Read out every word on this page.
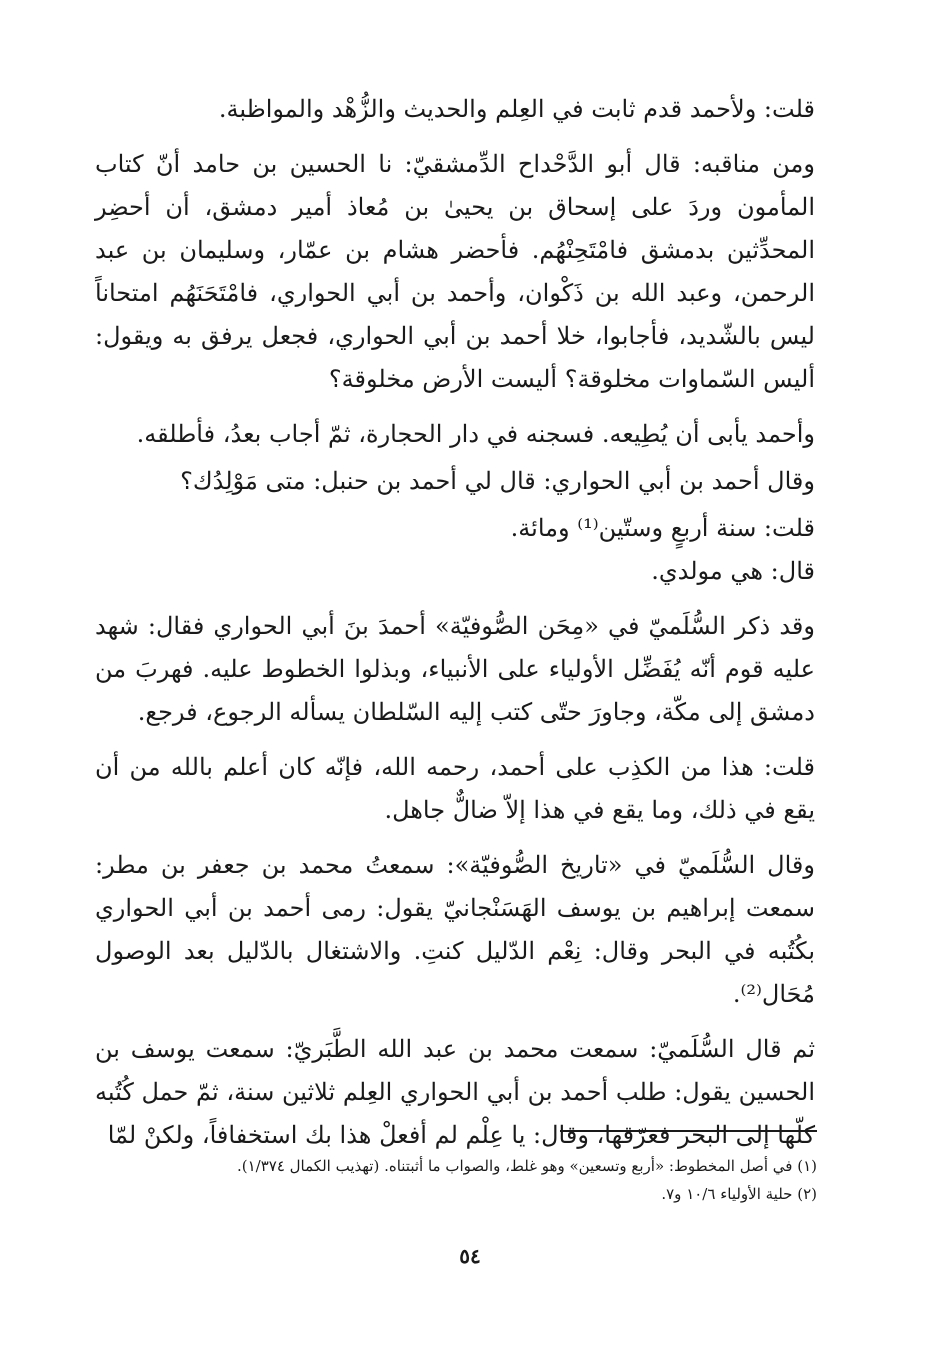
قلت: ولأحمد قدم ثابت في العِلم والحديث والزُّهْد والمواظبة.

ومن مناقبه: قال أبو الدَّحْداح الدِّمشقيّ: نا الحسين بن حامد أنّ كتاب المأمون وردَ على إسحاق بن يحيىٰ بن مُعاذ أمير دمشق، أن أحضِر المحدِّثين بدمشق فامْتَحِنْهُم. فأحضر هشام بن عمّار، وسليمان بن عبد الرحمن، وعبد الله بن ذَكْوان، وأحمد بن أبي الحواري، فامْتَحَنَهُم امتحاناً ليس بالشّديد، فأجابوا، خلا أحمد بن أبي الحواري، فجعل يرفق به ويقول: أليس السّماوات مخلوقة؟ أليست الأرض مخلوقة؟

وأحمد يأبى أن يُطِيعه. فسجنه في دار الحجارة، ثمّ أجاب بعدُ، فأطلقه.

وقال أحمد بن أبي الحواري: قال لي أحمد بن حنبل: متى مَوْلِدُك؟

قلت: سنة أربعٍ وستّين⁽¹⁾ ومائة.

قال: هي مولدي.

وقد ذكر السُّلَميّ في «مِحَن الصُّوفيّة» أحمدَ بنَ أبي الحواري فقال: شهد عليه قوم أنّه يُفَضِّل الأولياء على الأنبياء، وبذلوا الخطوط عليه. فهربَ من دمشق إلى مكّة، وجاورَ حتّى كتب إليه السّلطان يسأله الرجوع، فرجع.

قلت: هذا من الكذِب على أحمد، رحمه الله، فإنّه كان أعلم بالله من أن يقع في ذلك، وما يقع في هذا إلاّ ضالٌّ جاهل.

وقال السُّلَميّ في «تاريخ الصُّوفيّة»: سمعتُ محمد بن جعفر بن مطر: سمعت إبراهيم بن يوسف الهَسَنْجانيّ يقول: رمى أحمد بن أبي الحواري بكُتُبه في البحر وقال: نِعْم الدّليل كنتِ. والاشتغال بالدّليل بعد الوصول مُحَال⁽²⁾.

ثم قال السُّلَميّ: سمعت محمد بن عبد الله الطَّبَريّ: سمعت يوسف بن الحسين يقول: طلب أحمد بن أبي الحواري العِلم ثلاثين سنة، ثمّ حمل كُتُبه كلّها إلى البحر فغرّقها، وقال: يا عِلْم لم أفعلْ هذا بك استخفافاً، ولكنْ لمّا

(١) في أصل المخطوط: «أربع وتسعين» وهو غلط، والصواب ما أثبتناه. (تهذيب الكمال ١/٣٧٤).

(٢) حلية الأولياء ١٠/٦ و٧.

٥٤
